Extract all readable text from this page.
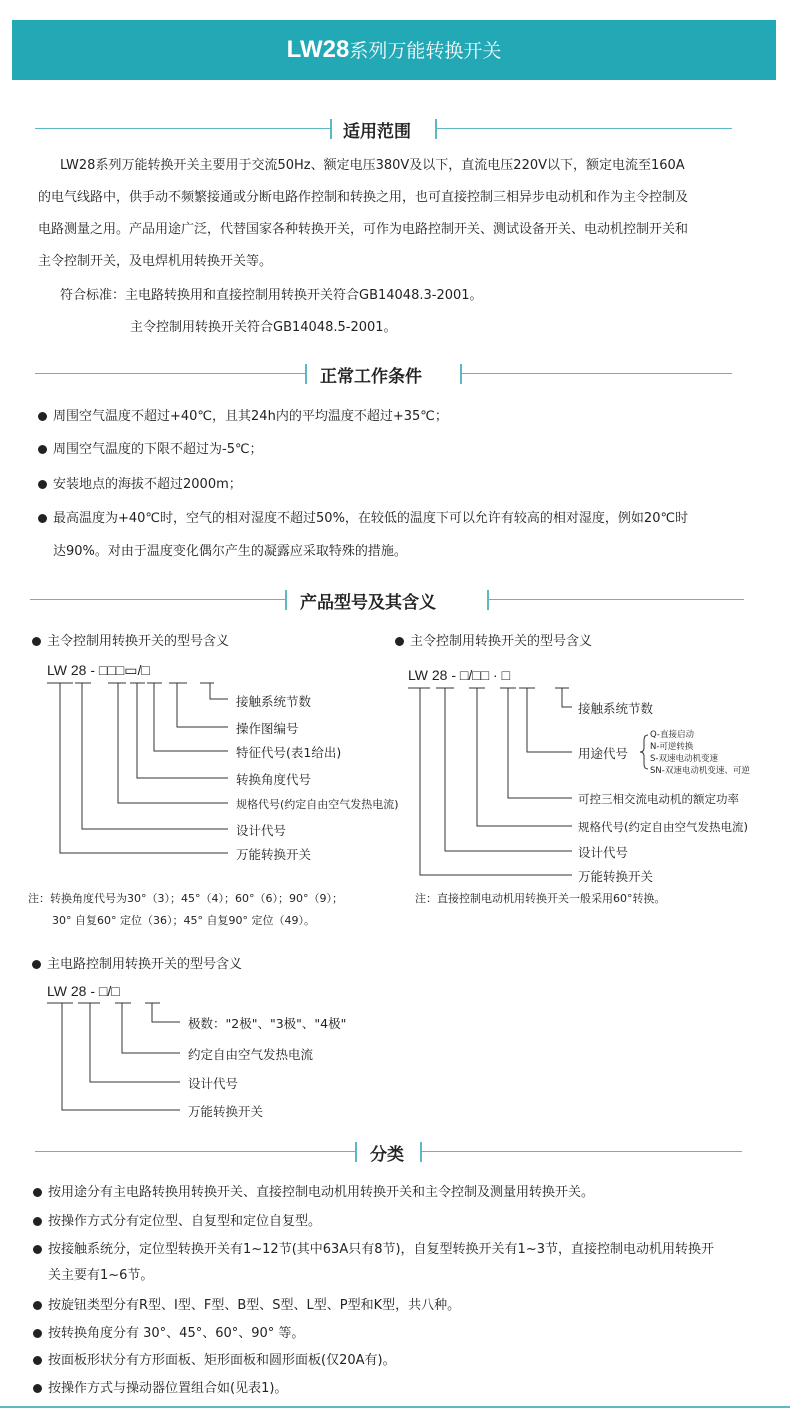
LW28系列万能转换开关
适用范围
LW28系列万能转换开关主要用于交流50Hz、额定电压380V及以下，直流电压220V以下，额定电流至160A
的电气线路中，供手动不频繁接通或分断电路作控制和转换之用，也可直接控制三相异步电动机和作为主令控制及
电路测量之用。产品用途广泛，代替国家各种转换开关，可作为电路控制开关、测试设备开关、电动机控制开关和
主令控制开关，及电焊机用转换开关等。
符合标准：主电路转换用和直接控制用转换开关符合GB14048.3-2001。
主令控制用转换开关符合GB14048.5-2001。
正常工作条件
周围空气温度不超过+40℃，且其24h内的平均温度不超过+35℃；
周围空气温度的下限不超过为-5℃；
安装地点的海拔不超过2000m；
最高温度为+40℃时，空气的相对湿度不超过50%，在较低的温度下可以允许有较高的相对湿度，例如20℃时
达90%。对由于温度变化偶尔产生的凝露应采取特殊的措施。
产品型号及其含义
主令控制用转换开关的型号含义
LW 28 - □□□▭/□
接触系统节数
操作图编号
特征代号(表1给出)
转换角度代号
规格代号(约定自由空气发热电流)
设计代号
万能转换开关
注：转换角度代号为30°（3）；45°（4）；60°（6）；90°（9）；
30° 自复60° 定位（36）；45° 自复90° 定位（49）。
主令控制用转换开关的型号含义
LW 28 - □/□□ · □
接触系统节数
用途代号
Q-直接启动
N-可逆转换
S-双速电动机变速
SN-双速电动机变速、可逆
可控三相交流电动机的额定功率
规格代号(约定自由空气发热电流)
设计代号
万能转换开关
注：直接控制电动机用转换开关一般采用60°转换。
主电路控制用转换开关的型号含义
LW 28 - □/□
极数："2极"、"3极"、"4极"
约定自由空气发热电流
设计代号
万能转换开关
分类
按用途分有主电路转换用转换开关、直接控制电动机用转换开关和主令控制及测量用转换开关。
按操作方式分有定位型、自复型和定位自复型。
按接触系统分，定位型转换开关有1~12节(其中63A只有8节)，自复型转换开关有1~3节，直接控制电动机用转换开
关主要有1~6节。
按旋钮类型分有R型、I型、F型、B型、S型、L型、P型和K型，共八种。
按转换角度分有 30°、45°、60°、90° 等。
按面板形状分有方形面板、矩形面板和圆形面板(仅20A有)。
按操作方式与操动器位置组合如(见表1)。
